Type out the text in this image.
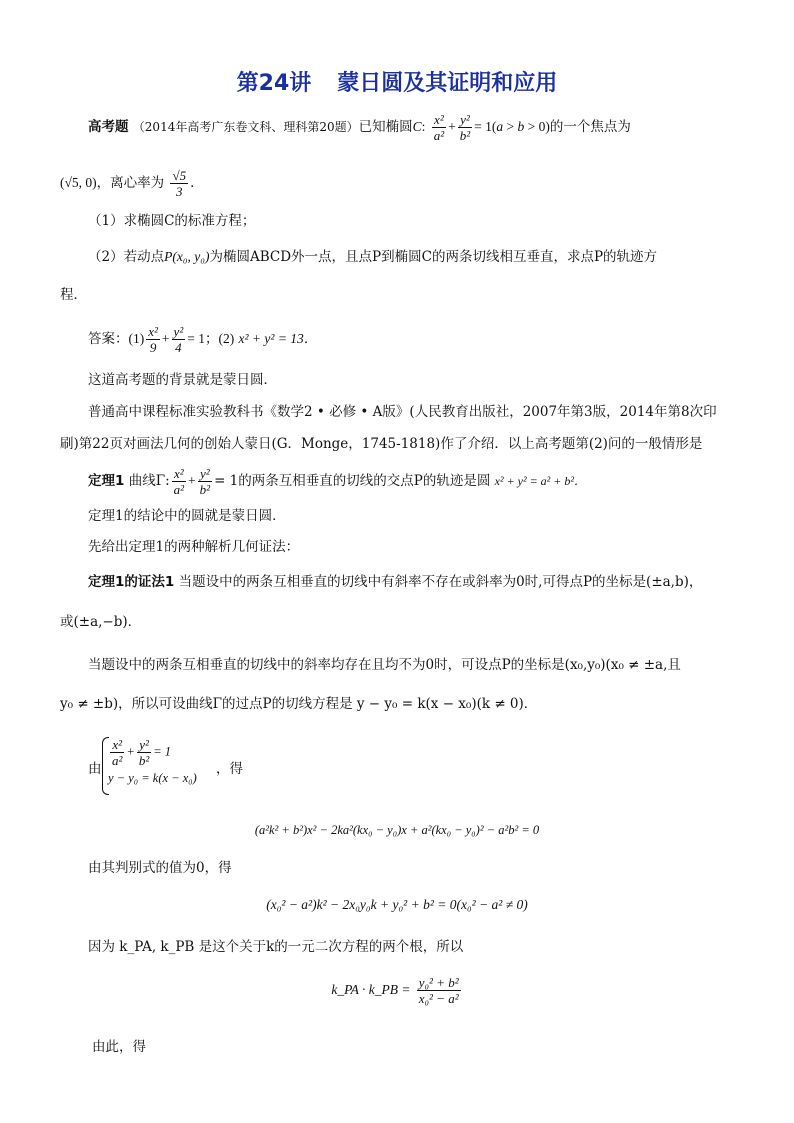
第24讲 蒙日圆及其证明和应用
高考题 （2014年高考广东卷文科、理科第20题）已知椭圆C: $\frac{\text{x²}}{\text{a²}} + \frac{\text{y²}}{\text{b²}} = 1(a > b > 0)$的一个焦点为
(√5, 0)，离心率为 $\frac{√5}{3}$ ．
（1）求椭圆C的标准方程；
（2）若动点P(x₀, y₀)为椭圆ABCD外一点，且点P到椭圆C的两条切线相互垂直，求点P的轨迹方
程．
答案：$(1) \frac{\text{x²}}{9} + \frac{\text{y²}}{4} = 1$；(2) x² + y² = 13．
这道高考题的背景就是蒙日圆．
普通高中课程标准实验教科书《数学2 • 必修 • A版》(人民教育出版社，2007年第3版，2014年第8次印
刷)第22页对画法几何的创始人蒙日(G．Monge，1745-1818)作了介绍．以上高考题第(2)问的一般情形是
定理1 曲线Γ: $\frac{\text{x²}}{\text{a²}} + \frac{\text{y²}}{\text{b²}} = 1$的两条互相垂直的切线的交点P的轨迹是圆 x² + y² = a² + b²．
定理1的结论中的圆就是蒙日圆．
先给出定理1的两种解析几何证法：
定理1的证法1 当题设中的两条互相垂直的切线中有斜率不存在或斜率为0时,可得点P的坐标是(±a,b)，
或(±a,−b)．
当题设中的两条互相垂直的切线中的斜率均存在且均不为0时，可设点P的坐标是(x₀,y₀)(x₀ ≠ ±a,且
y₀ ≠ ±b)，所以可设曲线Γ的过点P的切线方程是 y − y₀ = k(x − x₀)(k ≠ 0)．
由
$\frac{\text{x²}}{\text{a²}} + \frac{\text{y²}}{\text{b²}} = 1$
y − y₀ = k(x − x₀)
，得
(a²k² + b²)x² − 2ka²(kx₀ − y₀)x + a²(kx₀ − y₀)² − a²b² = 0
由其判别式的值为0，得
(x₀² − a²)k² − 2x₀y₀k + y₀² + b² = 0(x₀² − a² ≠ 0)
因为 k_PA, k_PB 是这个关于k的一元二次方程的两个根，所以
k_PA · k_PB = $\frac{\text{y₀² + b²}}{\text{x₀² − a²}}$
由此，得
